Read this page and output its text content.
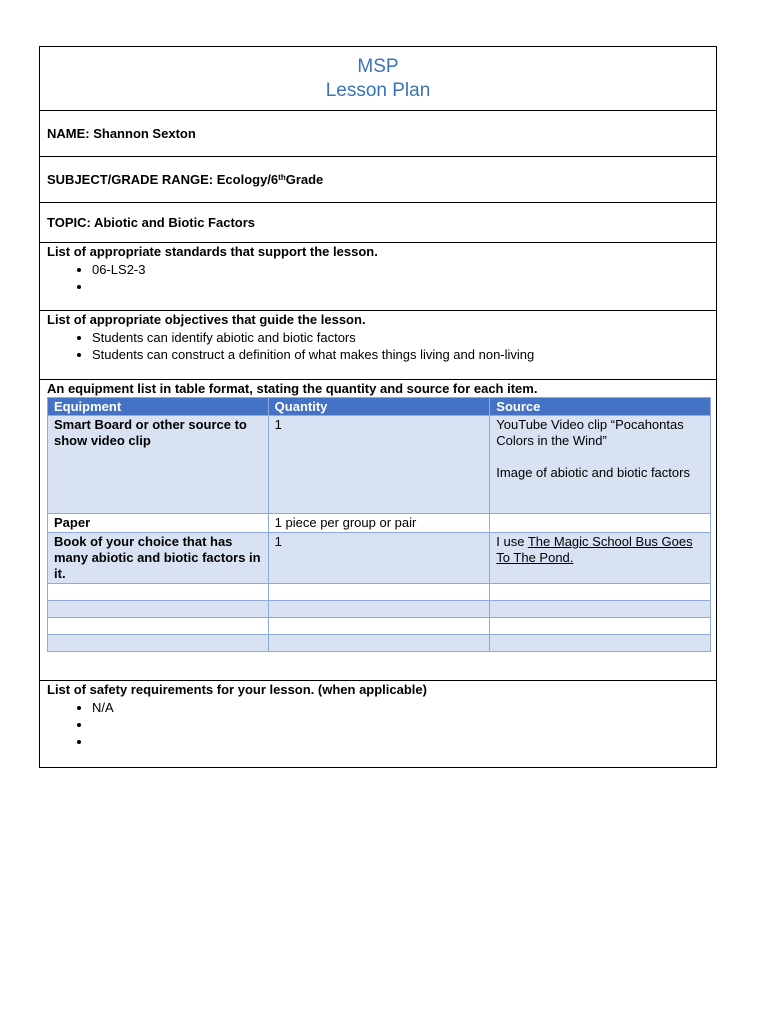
MSP
Lesson Plan
NAME: Shannon Sexton
SUBJECT/GRADE RANGE: Ecology/6th Grade
TOPIC: Abiotic and Biotic Factors
List of appropriate standards that support the lesson.
• 06-LS2-3
•
List of appropriate objectives that guide the lesson.
• Students can identify abiotic and biotic factors
• Students can construct a definition of what makes things living and non-living
An equipment list in table format, stating the quantity and source for each item.
Equipment	Quantity	Source
Smart Board or other source to show video clip	1	YouTube Video clip “Pocahontas Colors in the Wind”
Image of abiotic and biotic factors

Paper	1 piece per group or pair	
Book of your choice that has many abiotic and biotic factors in it.	1	I use The Magic School Bus Goes To The Pond.

List of safety requirements for your lesson. (when applicable)
• N/A
•
•
